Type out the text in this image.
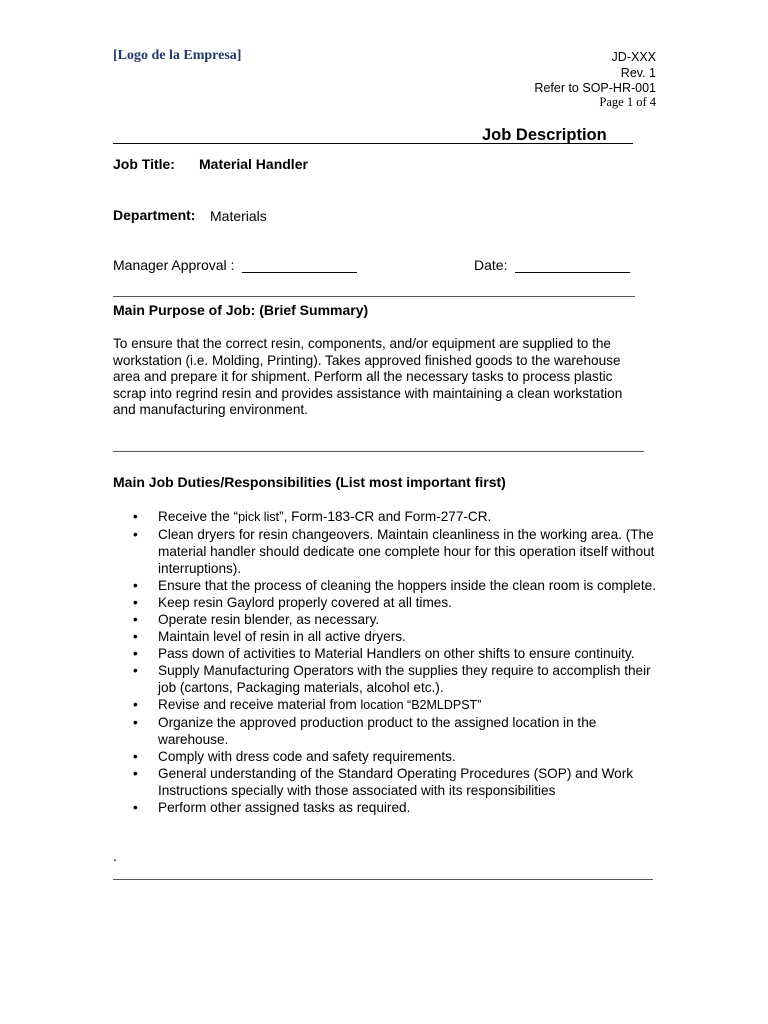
[Logo de la Empresa]	JD-XXX
Rev. 1
Refer to SOP-HR-001
Page 1 of 4
Job Description
Job Title: Material Handler
Department: Materials
Manager Approval :	Date:
Main Purpose of Job: (Brief Summary)
To ensure that the correct resin, components, and/or equipment are supplied to the workstation (i.e. Molding, Printing). Takes approved finished goods to the warehouse area and prepare it for shipment. Perform all the necessary tasks to process plastic scrap into regrind resin and provides assistance with maintaining a clean workstation and manufacturing environment.
Main Job Duties/Responsibilities (List most important first)
• Receive the “pick list”, Form-183-CR and Form-277-CR.
• Clean dryers for resin changeovers. Maintain cleanliness in the working area. (The material handler should dedicate one complete hour for this operation itself without interruptions).
• Ensure that the process of cleaning the hoppers inside the clean room is complete.
• Keep resin Gaylord properly covered at all times.
• Operate resin blender, as necessary.
• Maintain level of resin in all active dryers.
• Pass down of activities to Material Handlers on other shifts to ensure continuity.
• Supply Manufacturing Operators with the supplies they require to accomplish their job (cartons, Packaging materials, alcohol etc.).
• Revise and receive material from location “B2MLDPST”
• Organize the approved production product to the assigned location in the warehouse.
• Comply with dress code and safety requirements.
• General understanding of the Standard Operating Procedures (SOP) and Work Instructions specially with those associated with its responsibilities
• Perform other assigned tasks as required.
.
